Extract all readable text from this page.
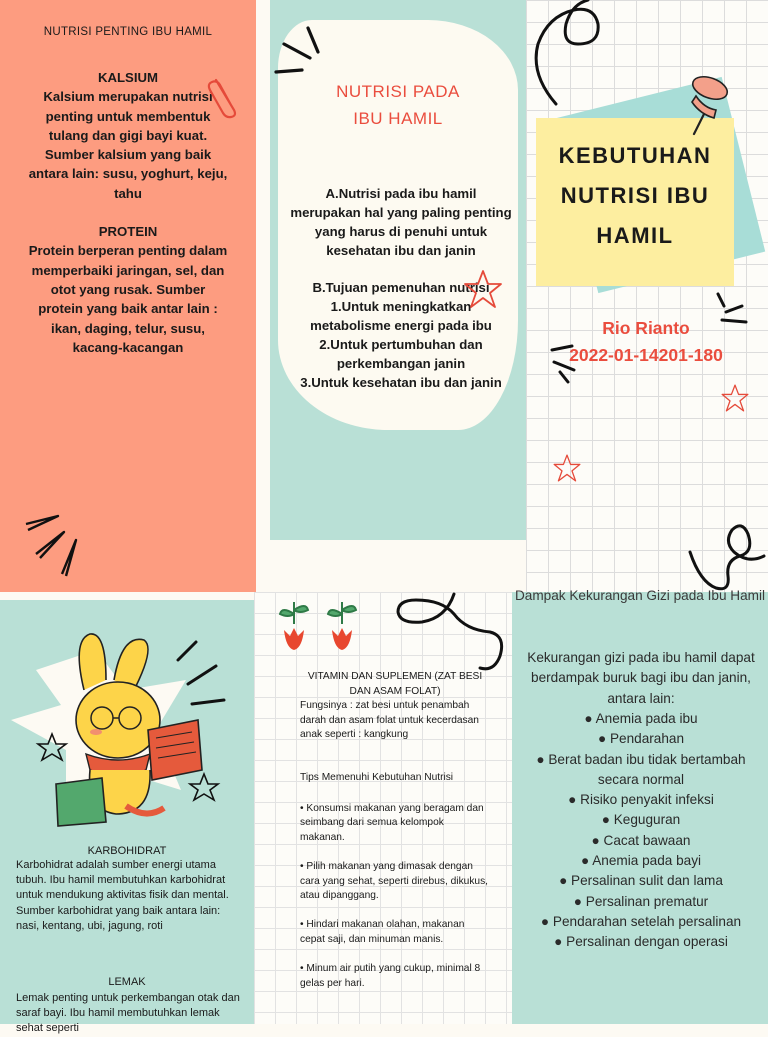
NUTRISI PENTING IBU HAMIL
KALSIUM

Kalsium merupakan nutrisi penting untuk membentuk tulang dan gigi bayi kuat. Sumber kalsium yang baik antara lain: susu, yoghurt, keju, tahu

PROTEIN

Protein berperan penting dalam memperbaiki jaringan, sel, dan otot yang rusak. Sumber protein yang baik antar lain : ikan, daging, telur, susu, kacang-kacangan

NUTRISI PADA
IBU HAMIL

A.Nutrisi pada ibu hamil merupakan hal yang paling penting yang harus di penuhi untuk kesehatan ibu dan janin

B.Tujuan pemenuhan nutrisi
1.Untuk meningkatkan metabolisme energi pada ibu
2.Untuk pertumbuhan dan perkembangan janin
3.Untuk kesehatan ibu dan janin
KEBUTUHAN
NUTRISI IBU
HAMIL
Rio Rianto
2022-01-14201-180
KARBOHIDRAT
Karbohidrat adalah sumber energi utama tubuh. Ibu hamil membutuhkan karbohidrat untuk mendukung aktivitas fisik dan mental. Sumber karbohidrat yang baik antara lain: nasi, kentang, ubi, jagung, roti
LEMAK
Lemak penting untuk perkembangan otak dan saraf bayi. Ibu hamil membutuhkan lemak sehat seperti
VITAMIN DAN SUPLEMEN (ZAT BESI DAN ASAM FOLAT)

Fungsinya : zat besi untuk penambah darah dan asam folat untuk kecerdasan anak seperti : kangkung

Tips Memenuhi Kebutuhan Nutrisi

• Konsumsi makanan yang beragam dan seimbang dari semua kelompok makanan.

• Pilih makanan yang dimasak dengan cara yang sehat, seperti direbus, dikukus, atau dipanggang.

• Hindari makanan olahan, makanan cepat saji, dan minuman manis.

• Minum air putih yang cukup, minimal 8 gelas per hari.

Dampak Kekurangan Gizi pada Ibu Hamil
Kekurangan gizi pada ibu hamil dapat berdampak buruk bagi ibu dan janin, antara lain:
● Anemia pada ibu
● Pendarahan
● Berat badan ibu tidak bertambah secara normal
● Risiko penyakit infeksi
● Keguguran
● Cacat bawaan
● Anemia pada bayi
● Persalinan sulit dan lama
● Persalinan prematur
● Pendarahan setelah persalinan
● Persalinan dengan operasi
